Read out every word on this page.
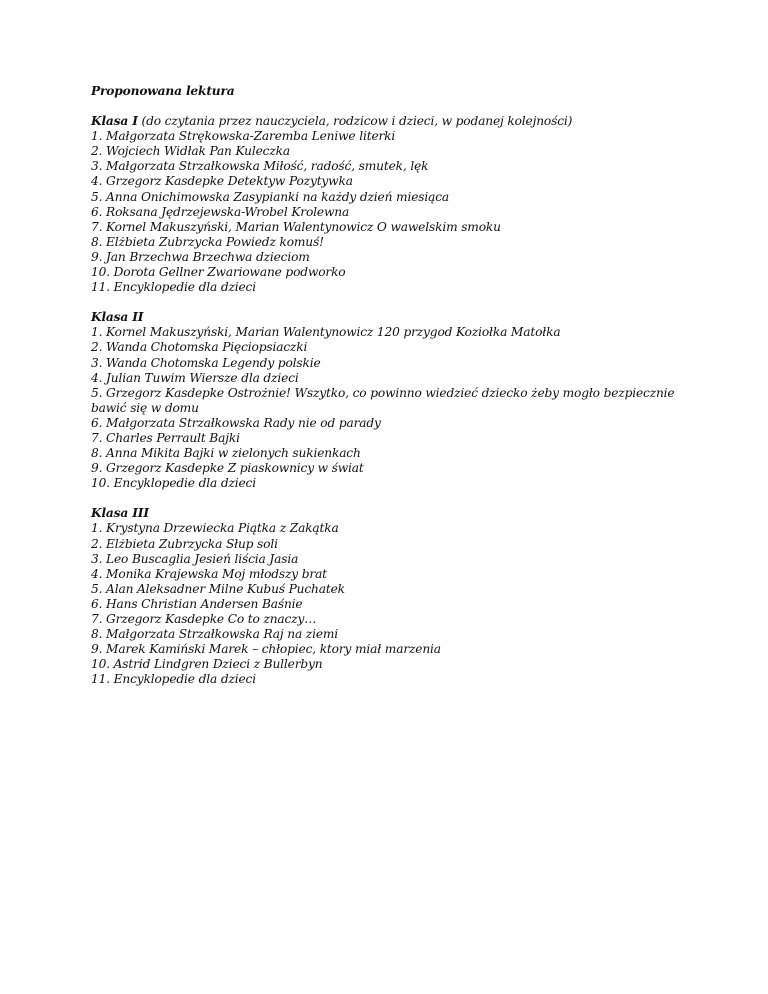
Proponowana lektura
Klasa I (do czytania przez nauczyciela, rodzicow i dzieci, w podanej kolejności)
1. Małgorzata Strękowska-Zaremba Leniwe literki
2. Wojciech Widłak Pan Kuleczka
3. Małgorzata Strzałkowska Miłość, radość, smutek, lęk
4. Grzegorz Kasdepke Detektyw Pozytywka
5. Anna Onichimowska Zasypianki na każdy dzień miesiąca
6. Roksana Jędrzejewska-Wrobel Krolewna
7. Kornel Makuszyński, Marian Walentynowicz O wawelskim smoku
8. Elżbieta Zubrzycka Powiedz komuś!
9. Jan Brzechwa Brzechwa dzieciom
10. Dorota Gellner Zwariowane podworko
11. Encyklopedie dla dzieci
Klasa II
1. Kornel Makuszyński, Marian Walentynowicz 120 przygod Koziołka Matołka
2. Wanda Chotomska Pięciopsiaczki
3. Wanda Chotomska Legendy polskie
4. Julian Tuwim Wiersze dla dzieci
5. Grzegorz Kasdepke Ostrożnie! Wszytko, co powinno wiedzieć dziecko żeby mogło bezpiecznie bawić się w domu
6. Małgorzata Strzałkowska Rady nie od parady
7. Charles Perrault Bajki
8. Anna Mikita Bajki w zielonych sukienkach
9. Grzegorz Kasdepke Z piaskownicy w świat
10. Encyklopedie dla dzieci
Klasa III
1. Krystyna Drzewiecka Piątka z Zakątka
2. Elżbieta Zubrzycka Słup soli
3. Leo Buscaglia Jesień liścia Jasia
4. Monika Krajewska Moj młodszy brat
5. Alan Aleksadner Milne Kubuś Puchatek
6. Hans Christian Andersen Baśnie
7. Grzegorz Kasdepke Co to znaczy…
8. Małgorzata Strzałkowska Raj na ziemi
9. Marek Kamiński Marek – chłopiec, ktory miał marzenia
10. Astrid Lindgren Dzieci z Bullerbyn
11. Encyklopedie dla dzieci
